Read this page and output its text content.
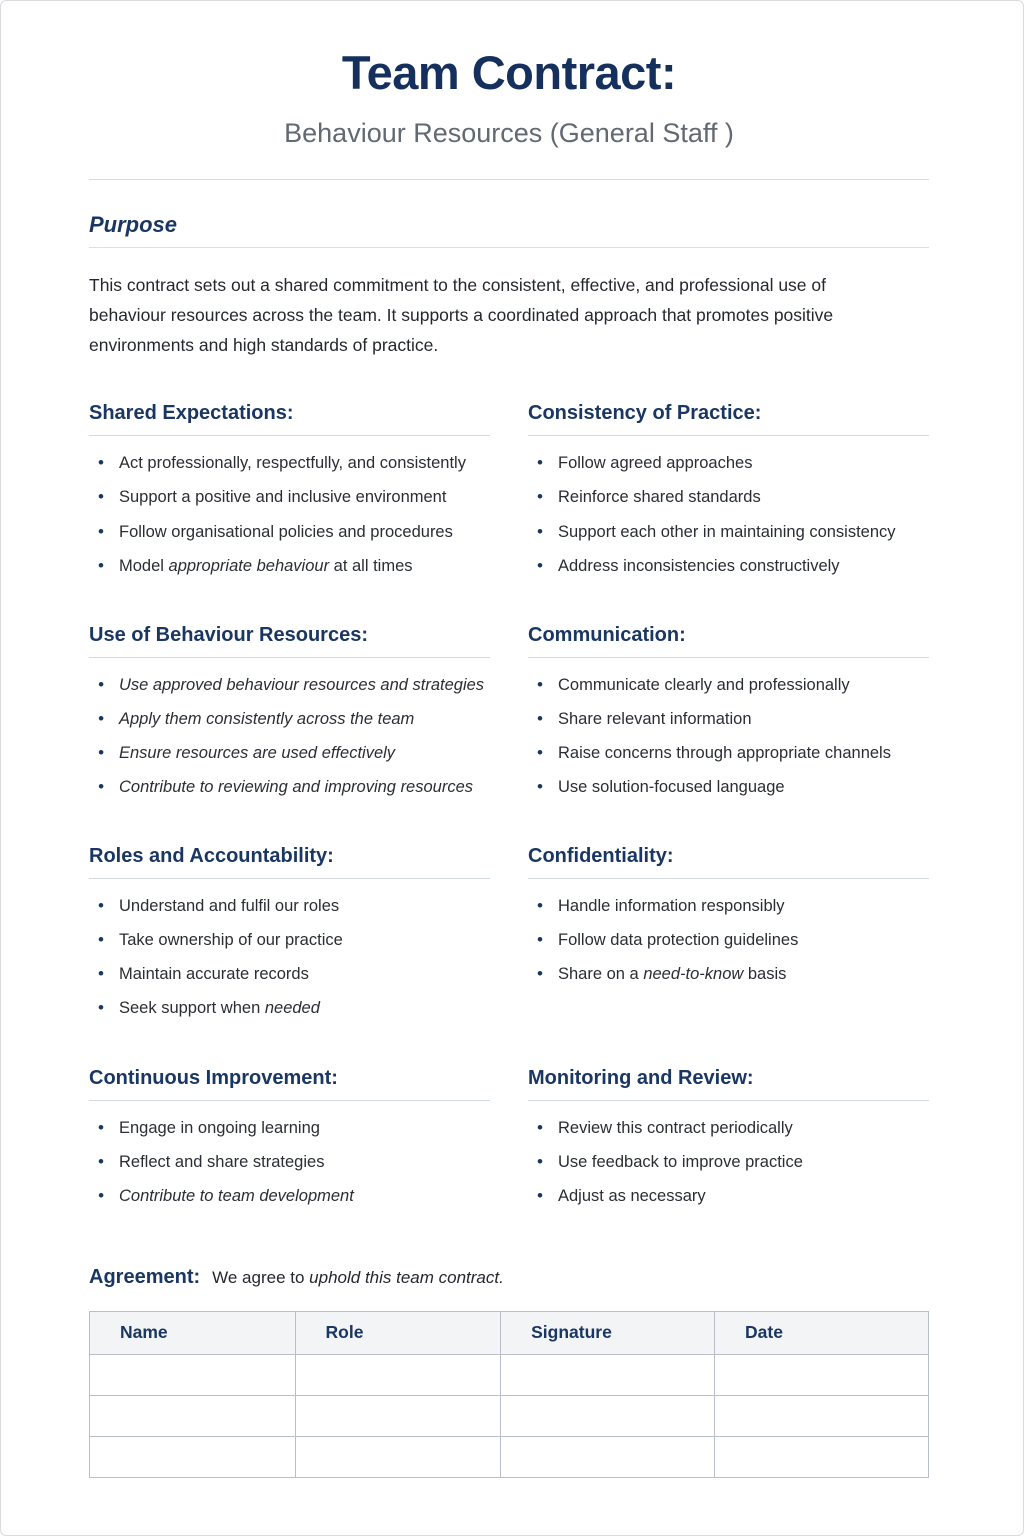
Team Contract:
Behaviour Resources (General Staff )
Purpose

This contract sets out a shared commitment to the consistent, effective, and professional use of behaviour resources across the team. It supports a coordinated approach that promotes positive environments and high standards of practice.

Shared Expectations:
• Act professionally, respectfully, and consistently
• Support a positive and inclusive environment
• Follow organisational policies and procedures
• Model appropriate behaviour at all times
Consistency of Practice:
• Follow agreed approaches
• Reinforce shared standards
• Support each other in maintaining consistency
• Address inconsistencies constructively
Use of Behaviour Resources:
• Use approved behaviour resources and strategies
• Apply them consistently across the team
• Ensure resources are used effectively
• Contribute to reviewing and improving resources
Communication:
• Communicate clearly and professionally
• Share relevant information
• Raise concerns through appropriate channels
• Use solution-focused language
Roles and Accountability:
• Understand and fulfil our roles
• Take ownership of our practice
• Maintain accurate records
• Seek support when needed
Confidentiality:
• Handle information responsibly
• Follow data protection guidelines
• Share on a need-to-know basis
Continuous Improvement:
• Engage in ongoing learning
• Reflect and share strategies
• Contribute to team development
Monitoring and Review:
• Review this contract periodically
• Use feedback to improve practice
• Adjust as necessary
Agreement: We agree to uphold this team contract.
Name	Role	Signature	Date
